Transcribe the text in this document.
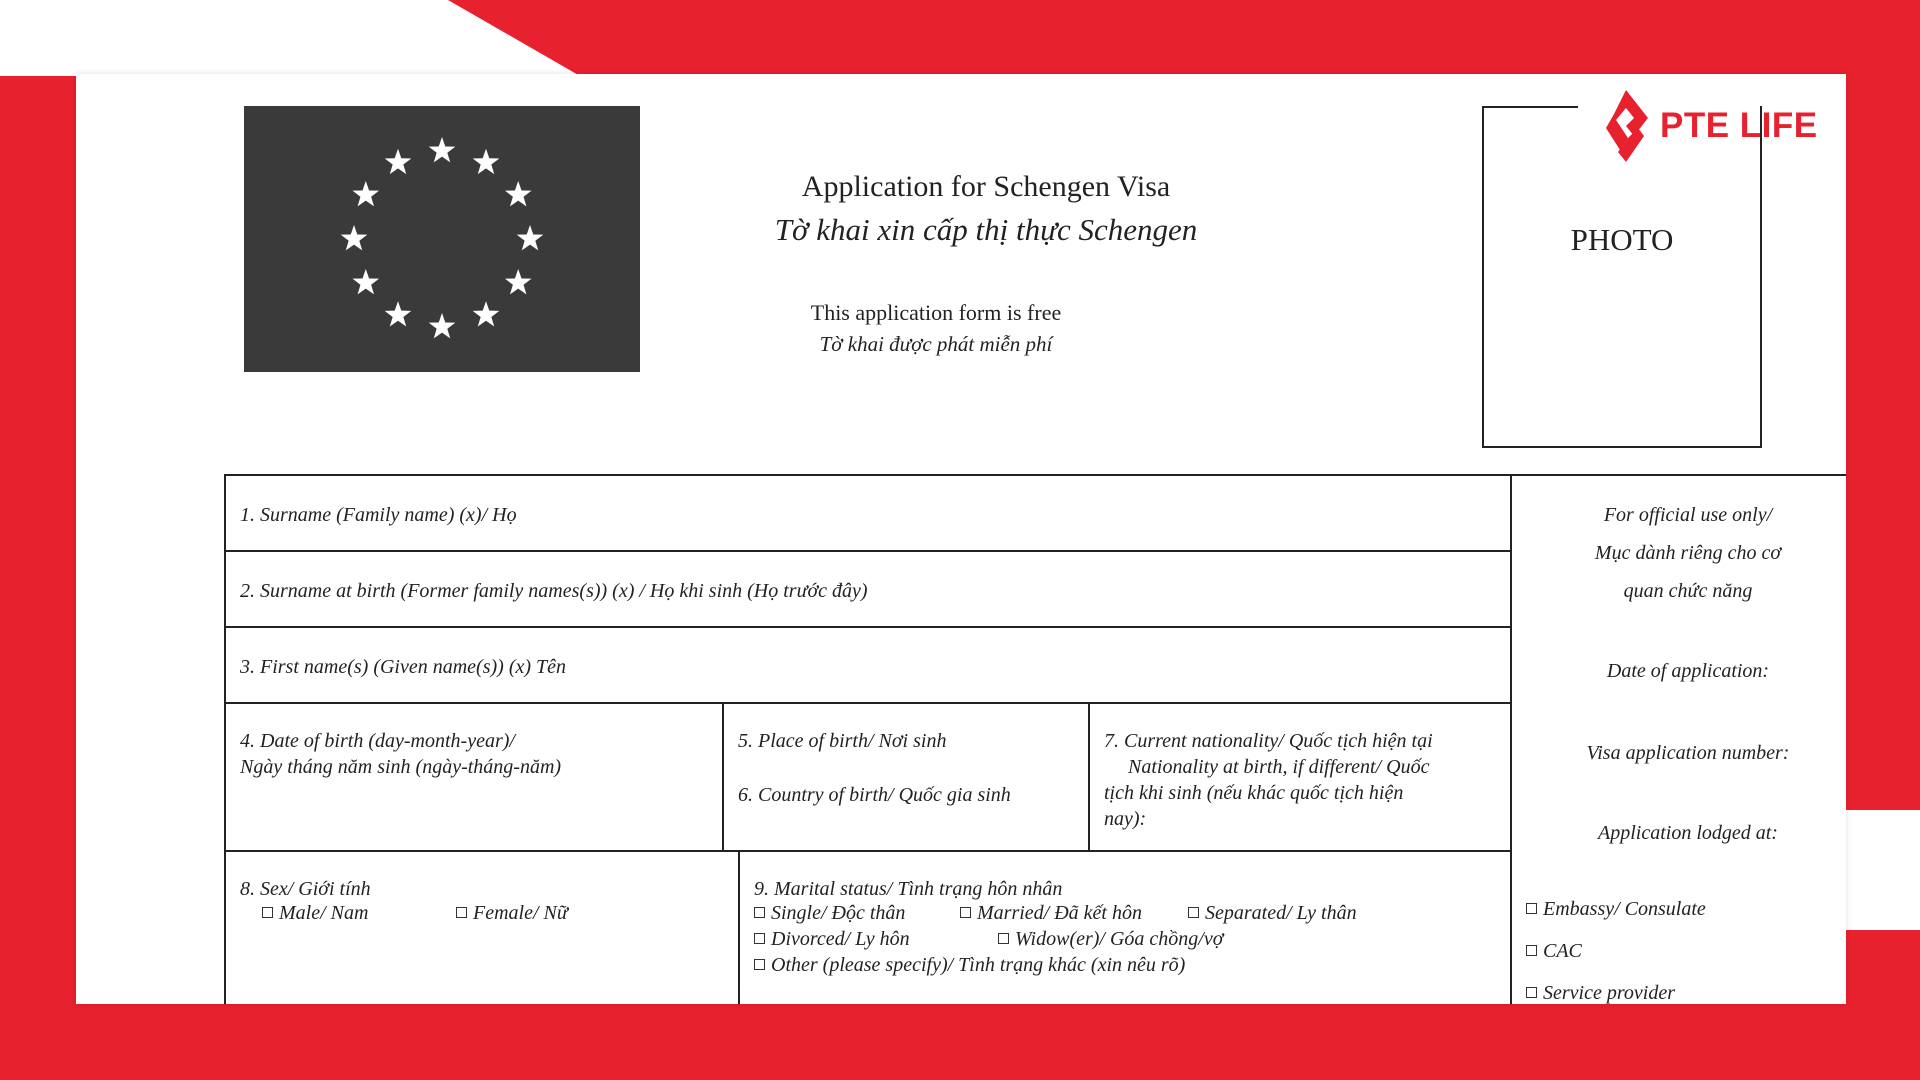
Application for Schengen Visa
Tờ khai xin cấp thị thực Schengen
This application form is free
Tờ khai được phát miễn phí
PHOTO
PTE LIFE
1. Surname (Family name) (x)/ Họ
2. Surname at birth (Former family names(s)) (x) / Họ khi sinh (Họ trước đây)
3. First name(s) (Given name(s)) (x) Tên
4. Date of birth (day-month-year)/
Ngày tháng năm sinh (ngày-tháng-năm)
5. Place of birth/ Nơi sinh
6. Country of birth/ Quốc gia sinh
7. Current nationality/ Quốc tịch hiện tại
Nationality at birth, if different/ Quốc
tịch khi sinh (nếu khác quốc tịch hiện
nay):
8. Sex/ Giới tính
Male/ Nam	Female/ Nữ
9. Marital status/ Tình trạng hôn nhân
Single/ Độc thân	Married/ Đã kết hôn	Separated/ Ly thân
Divorced/ Ly hôn	Widow(er)/ Góa chồng/vợ
Other (please specify)/ Tình trạng khác (xin nêu rõ)
For official use only/
Mục dành riêng cho cơ
quan chức năng
Date of application:
Visa application number:
Application lodged at:
Embassy/ Consulate
CAC
Service provider
